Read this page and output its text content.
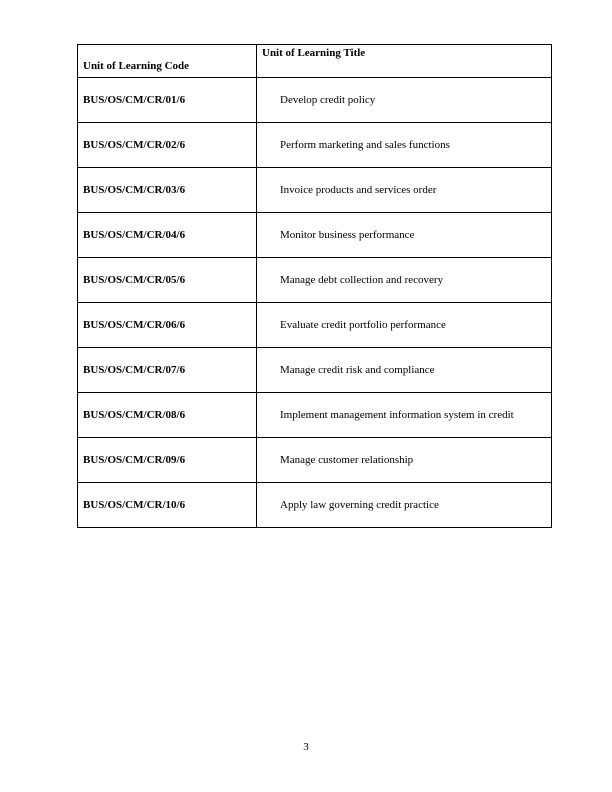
Unit of Learning Code	Unit of Learning Title
BUS/OS/CM/CR/01/6	Develop credit policy
BUS/OS/CM/CR/02/6	Perform marketing and sales functions
BUS/OS/CM/CR/03/6	Invoice products and services order
BUS/OS/CM/CR/04/6	Monitor business performance
BUS/OS/CM/CR/05/6	Manage debt collection and recovery
BUS/OS/CM/CR/06/6	Evaluate credit portfolio performance
BUS/OS/CM/CR/07/6	Manage credit risk and compliance
BUS/OS/CM/CR/08/6	Implement management information system in credit
BUS/OS/CM/CR/09/6	Manage customer relationship
BUS/OS/CM/CR/10/6	Apply law governing credit practice
3
